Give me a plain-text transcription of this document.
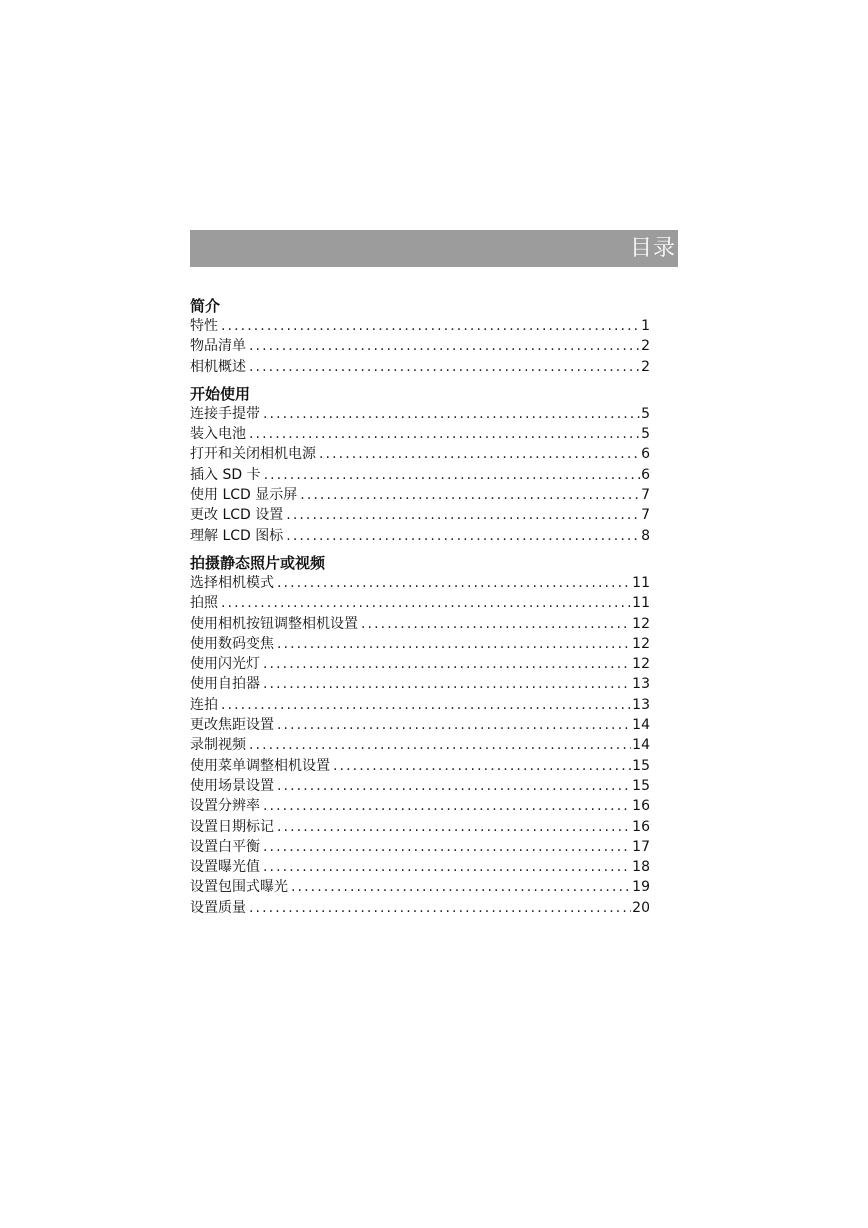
目录
简介
特性 .....	1
物品清单 .....	2
相机概述 .....	2
开始使用
连接手提带 .....	5
装入电池 .....	5
打开和关闭相机电源 .....	6
插入 SD 卡 .....	6
使用 LCD 显示屏 .....	7
更改 LCD 设置 .....	7
理解 LCD 图标 .....	8
拍摄静态照片或视频
选择相机模式 .....	11
拍照 .....	11
使用相机按钮调整相机设置 .....	12
使用数码变焦 .....	12
使用闪光灯 .....	12
使用自拍器 .....	13
连拍 .....	13
更改焦距设置 .....	14
录制视频 .....	14
使用菜单调整相机设置 .....	15
使用场景设置 .....	15
设置分辨率 .....	16
设置日期标记 .....	16
设置白平衡 .....	17
设置曝光值 .....	18
设置包围式曝光 .....	19
设置质量 .....	20
